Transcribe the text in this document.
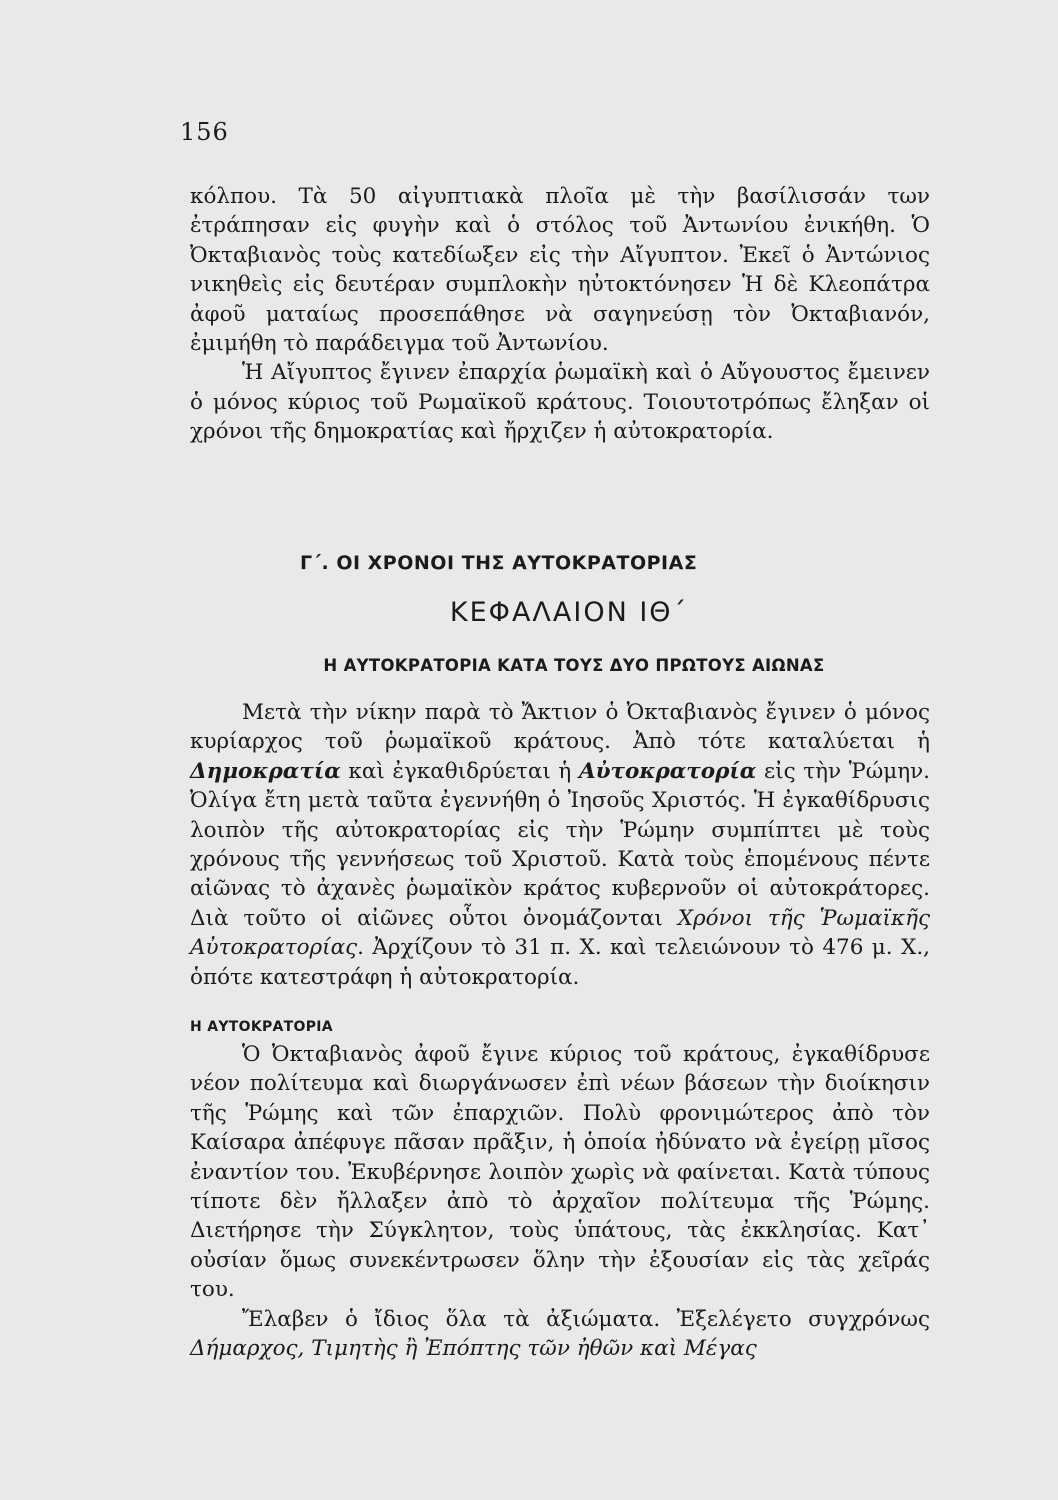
156

κόλπου. Τὰ 50 αἰγυπτιακὰ πλοῖα μὲ τὴν βασίλισσάν των ἐτράπησαν εἰς φυγὴν καὶ ὁ στόλος τοῦ Ἀντωνίου ἐνικήθη. Ὁ Ὀκταβιανὸς τοὺς κατεδίωξεν εἰς τὴν Αἴγυπτον. Ἐκεῖ ὁ Ἀντώνιος νικηθεὶς εἰς δευτέραν συμπλοκὴν ηὐτοκτόνησεν Ἡ δὲ Κλεοπάτρα ἀφοῦ ματαίως προσεπάθησε νὰ σαγηνεύσῃ τὸν Ὀκταβιανόν, ἐμιμήθη τὸ παράδειγμα τοῦ Ἀντωνίου.

Ἡ Αἴγυπτος ἔγινεν ἐπαρχία ῥωμαϊκὴ καὶ ὁ Αὔγουστος ἔμεινεν ὁ μόνος κύριος τοῦ Ρωμαϊκοῦ κράτους. Τοιουτοτρόπως ἔληξαν οἱ χρόνοι τῆς δημοκρατίας καὶ ἤρχιζεν ἡ αὐτοκρατορία.

Γ΄. ΟΙ ΧΡΟΝΟΙ ΤΗΣ ΑΥΤΟΚΡΑΤΟΡΙΑΣ
ΚΕΦΑΛΑΙΟΝ ΙΘ΄
Η ΑΥΤΟΚΡΑΤΟΡΙΑ ΚΑΤΑ ΤΟΥΣ ΔΥΟ ΠΡΩΤΟΥΣ ΑΙΩΝΑΣ

Μετὰ τὴν νίκην παρὰ τὸ Ἄκτιον ὁ Ὀκταβιανὸς ἔγινεν ὁ μόνος κυρίαρχος τοῦ ῥωμαϊκοῦ κράτους. Ἀπὸ τότε καταλύεται ἡ Δημοκρατία καὶ ἐγκαθιδρύεται ἡ Αὐτοκρατορία εἰς τὴν Ῥώμην. Ὀλίγα ἔτη μετὰ ταῦτα ἐγεννήθη ὁ Ἰησοῦς Χριστός. Ἡ ἐγκαθίδρυσις λοιπὸν τῆς αὐτοκρατορίας εἰς τὴν Ῥώμην συμπίπτει μὲ τοὺς χρόνους τῆς γεννήσεως τοῦ Χριστοῦ. Κατὰ τοὺς ἑπομένους πέντε αἰῶνας τὸ ἀχανὲς ῥωμαϊκὸν κράτος κυβερνοῦν οἱ αὐτοκράτορες. Διὰ τοῦτο οἱ αἰῶνες οὗτοι ὀνομάζονται Χρόνοι τῆς Ῥωμαϊκῆς Αὐτοκρατορίας. Ἀρχίζουν τὸ 31 π. Χ. καὶ τελειώνουν τὸ 476 μ. Χ., ὁπότε κατεστράφη ἡ αὐτοκρατορία.

Η ΑΥΤΟΚΡΑΤΟΡΙΑ

Ὁ Ὀκταβιανὸς ἀφοῦ ἔγινε κύριος τοῦ κράτους, ἐγκαθίδρυσε νέον πολίτευμα καὶ διωργάνωσεν ἐπὶ νέων βάσεων τὴν διοίκησιν τῆς Ῥώμης καὶ τῶν ἐπαρχιῶν. Πολὺ φρονιμώτερος ἀπὸ τὸν Καίσαρα ἀπέφυγε πᾶσαν πρᾶξιν, ἡ ὁποία ἠδύνατο νὰ ἐγείρῃ μῖσος ἐναντίον του. Ἐκυβέρνησε λοιπὸν χωρὶς νὰ φαίνεται. Κατὰ τύπους τίποτε δὲν ἤλλαξεν ἀπὸ τὸ ἀρχαῖον πολίτευμα τῆς Ῥώμης. Διετήρησε τὴν Σύγκλητον, τοὺς ὑπάτους, τὰς ἐκκλησίας. Κατ᾽ οὐσίαν ὅμως συνεκέντρωσεν ὅλην τὴν ἐξουσίαν εἰς τὰς χεῖράς του.

Ἔλαβεν ὁ ἴδιος ὅλα τὰ ἀξιώματα. Ἐξελέγετο συγχρόνως Δήμαρχος, Τιμητὴς ἢ Ἐπόπτης τῶν ἠθῶν καὶ Μέγας
